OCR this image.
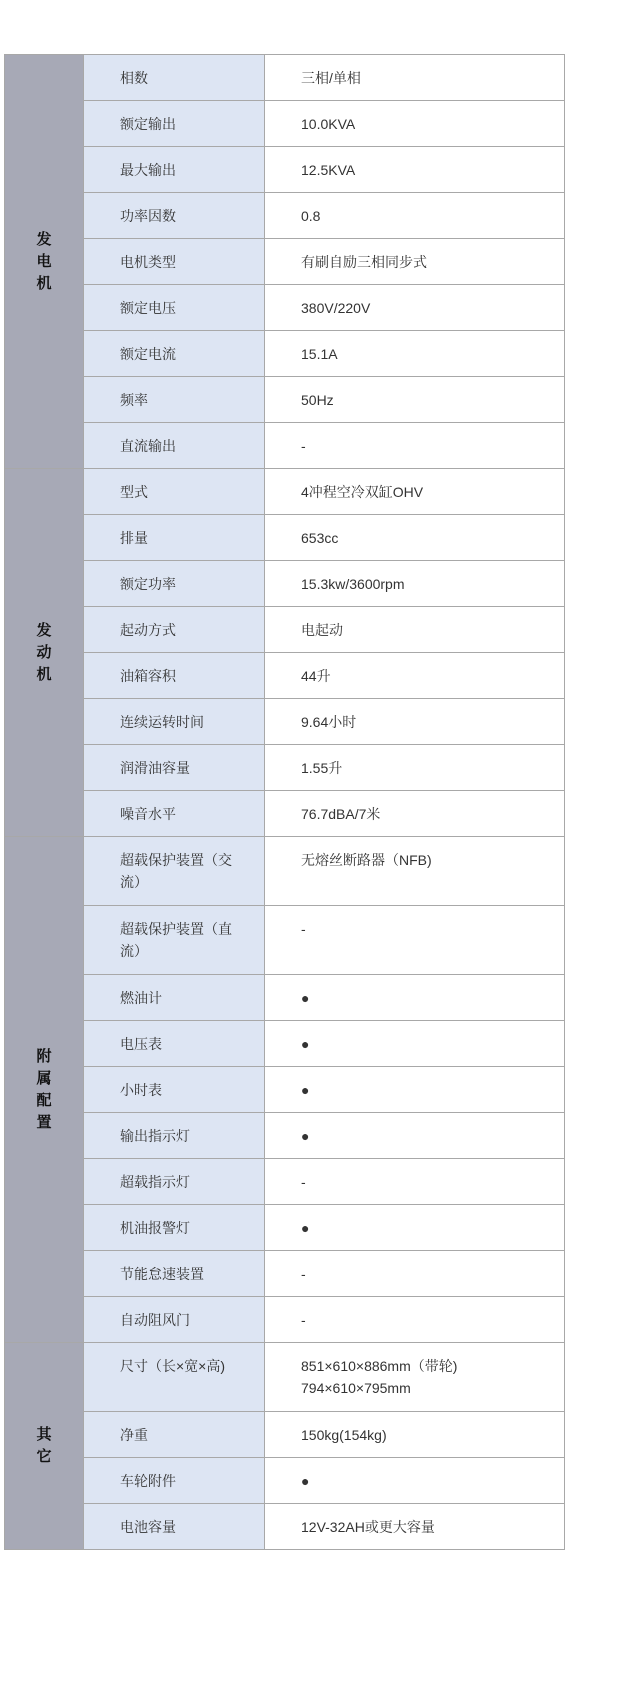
发电机	相数	三相/单相

	额定输出	10.0KVA

	最大输出	12.5KVA

	功率因数	0.8

	电机类型	有刷自励三相同步式

	额定电压	380V/220V

	额定电流	15.1A

	频率	50Hz

	直流输出	-

发动机	型式	4冲程空冷双缸OHV

	排量	653cc

	额定功率	15.3kw/3600rpm

	起动方式	电起动

	油箱容积	44升

	连续运转时间	9.64小时

	润滑油容量	1.55升

	噪音水平	76.7dBA/7米

附属配置	超载保护装置（交流）	无熔丝断路器（NFB)

	超载保护装置（直流）	-

	燃油计	●

	电压表	●

	小时表	●

	输出指示灯	●

	超载指示灯	-

	机油报警灯	●

	节能怠速装置	-

	自动阻风门	-

其它	尺寸（长×宽×高)	851×610×886mm（带轮) 794×610×795mm

	净重	150kg(154kg)

	车轮附件	●

	电池容量	12V-32AH或更大容量
